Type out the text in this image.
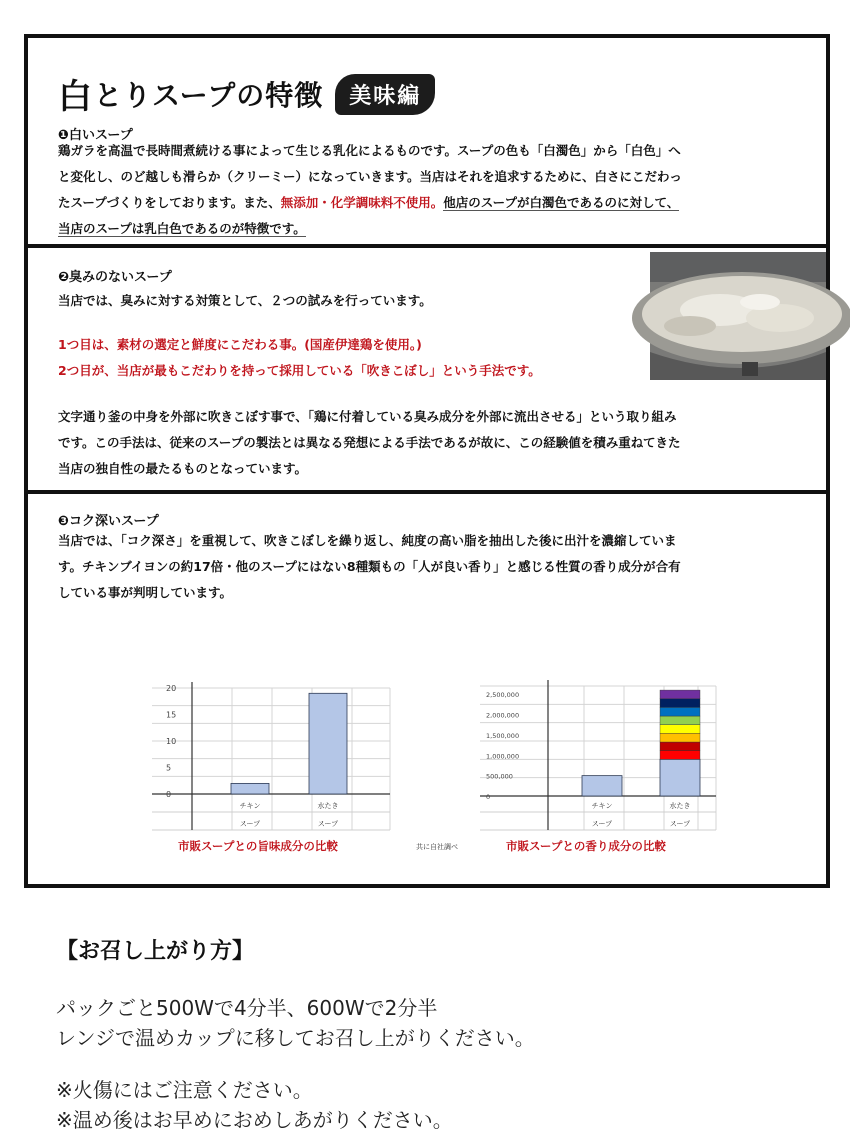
白 とりスープの特徴	美味編
❶白いスープ
鶏ガラを高温で長時間煮続ける事によって生じる乳化によるものです。スープの色も「白濁色」から「白色」へ
と変化し、のど越しも滑らか（クリーミー）になっていきます。当店はそれを追求するために、白さにこだわっ
たスープづくりをしております。また、無添加・化学調味料不使用。他店のスープが白濁色であるのに対して、
当店のスープは乳白色であるのが特徴です。
❷臭みのないスープ
当店では、臭みに対する対策として、２つの試みを行っています。
1つ目は、素材の選定と鮮度にこだわる事。(国産伊達鶏を使用。)
2つ目が、当店が最もこだわりを持って採用している「吹きこぼし」という手法です。
文字通り釜の中身を外部に吹きこぼす事で、「鶏に付着している臭み成分を外部に流出させる」という取り組み
です。この手法は、従来のスープの製法とは異なる発想による手法であるが故に、この経験値を積み重ねてきた
当店の独自性の最たるものとなっています。
❸コク深いスープ
当店では、「コク深さ」を重視して、吹きこぼしを繰り返し、純度の高い脂を抽出した後に出汁を濃縮していま
す。チキンブイヨンの約17倍・他のスープにはない8種類もの「人が良い香り」と感じる性質の香り成分が合有
している事が判明しています。
0
5
10
15
20
チキン
スープ
水たき
スープ
市販スープとの旨味成分の比較	共に自社調べ
0
500,000
1,000,000
1,500,000
2,000,000
2,500,000
チキン
スープ
水たき
スープ
市販スープとの香り成分の比較
【お召し上がり方】
パックごと500Wで4分半、600Wで2分半
レンジで温めカップに移してお召し上がりください。
※火傷にはご注意ください。
※温め後はお早めにおめしあがりください。
